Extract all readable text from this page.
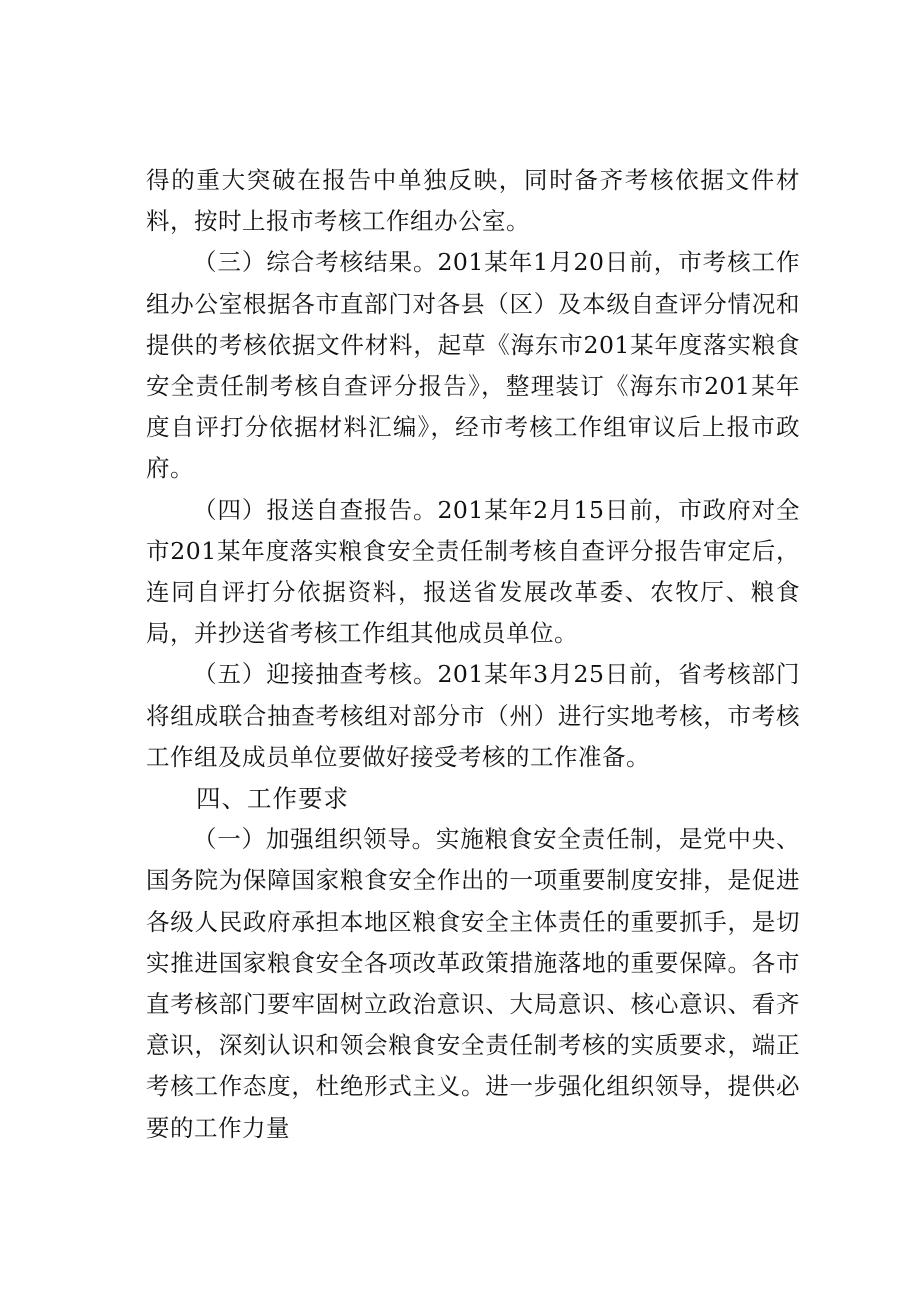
得的重大突破在报告中单独反映，同时备齐考核依据文件材料，按时上报市考核工作组办公室。

（三）综合考核结果。201某年1月20日前，市考核工作组办公室根据各市直部门对各县（区）及本级自查评分情况和提供的考核依据文件材料，起草《海东市201某年度落实粮食安全责任制考核自查评分报告》，整理装订《海东市201某年度自评打分依据材料汇编》，经市考核工作组审议后上报市政府。

（四）报送自查报告。201某年2月15日前，市政府对全市201某年度落实粮食安全责任制考核自查评分报告审定后，连同自评打分依据资料，报送省发展改革委、农牧厅、粮食局，并抄送省考核工作组其他成员单位。

（五）迎接抽查考核。201某年3月25日前，省考核部门将组成联合抽查考核组对部分市（州）进行实地考核，市考核工作组及成员单位要做好接受考核的工作准备。

四、工作要求

（一）加强组织领导。实施粮食安全责任制，是党中央、国务院为保障国家粮食安全作出的一项重要制度安排，是促进各级人民政府承担本地区粮食安全主体责任的重要抓手，是切实推进国家粮食安全各项改革政策措施落地的重要保障。各市直考核部门要牢固树立政治意识、大局意识、核心意识、看齐意识，深刻认识和领会粮食安全责任制考核的实质要求，端正考核工作态度，杜绝形式主义。进一步强化组织领导，提供必要的工作力量
